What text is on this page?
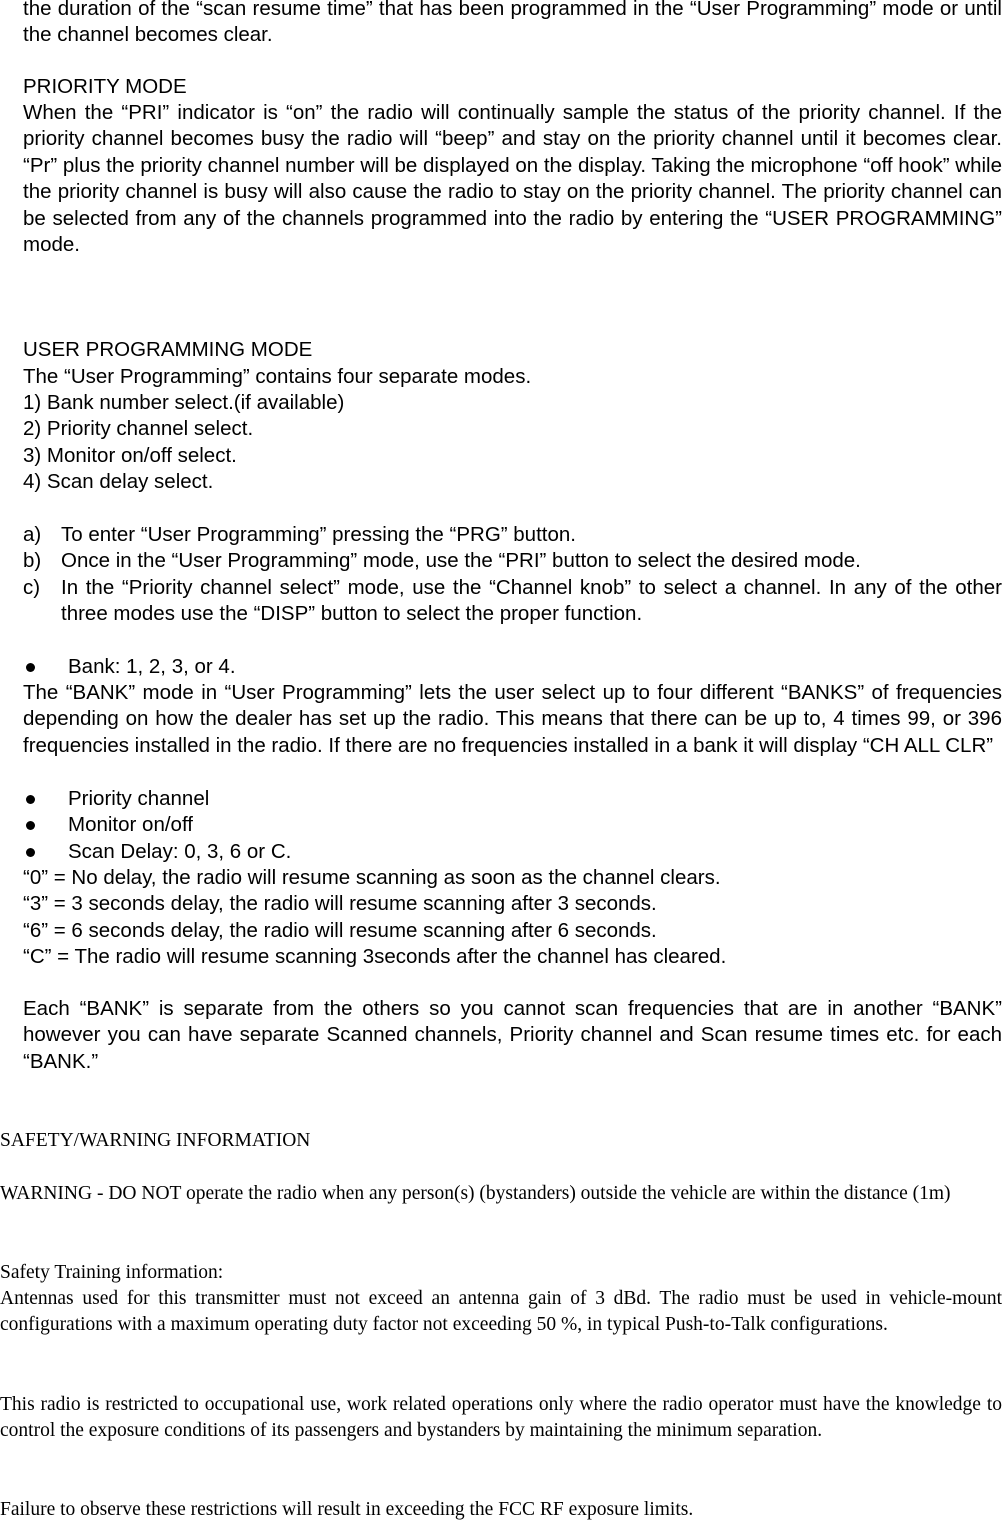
the duration of the “scan resume time” that has been programmed in the “User Programming” mode or until the channel becomes clear.

PRIORITY MODE

When the “PRI” indicator is “on” the radio will continually sample the status of the priority channel. If the priority channel becomes busy the radio will “beep” and stay on the priority channel until it becomes clear. “Pr” plus the priority channel number will be displayed on the display. Taking the microphone “off hook” while the priority channel is busy will also cause the radio to stay on the priority channel. The priority channel can be selected from any of the channels programmed into the radio by entering the “USER PROGRAMMING” mode.

USER PROGRAMMING MODE

The “User Programming” contains four separate modes.

1) Bank number select.(if available)

2) Priority channel select.

3) Monitor on/off select.

4) Scan delay select.

a) To enter “User Programming” pressing the “PRG” button.
b) Once in the “User Programming” mode, use the “PRI” button to select the desired mode.
c) In the “Priority channel select” mode, use the “Channel knob” to select a channel. In any of the other three modes use the “DISP” button to select the proper function.
Bank: 1, 2, 3, or 4.

The “BANK” mode in “User Programming” lets the user select up to four different “BANKS” of frequencies depending on how the dealer has set up the radio. This means that there can be up to, 4 times 99, or 396 frequencies installed in the radio. If there are no frequencies installed in a bank it will display “CH ALL CLR”

Priority channel
Monitor on/off
Scan Delay: 0, 3, 6 or C.

“0” = No delay, the radio will resume scanning as soon as the channel clears.

“3” = 3 seconds delay, the radio will resume scanning after 3 seconds.

“6” = 6 seconds delay, the radio will resume scanning after 6 seconds.

“C” = The radio will resume scanning 3seconds after the channel has cleared.

Each “BANK” is separate from the others so you cannot scan frequencies that are in another “BANK” however you can have separate Scanned channels, Priority channel and Scan resume times etc. for each “BANK.”

SAFETY/WARNING INFORMATION

WARNING - DO NOT operate the radio when any person(s) (bystanders) outside the vehicle are within the distance (1m)

Safety Training information:

Antennas used for this transmitter must not exceed an antenna gain of 3 dBd. The radio must be used in vehicle-mount configurations with a maximum operating duty factor not exceeding 50 %, in typical Push-to-Talk configurations.

This radio is restricted to occupational use, work related operations only where the radio operator must have the knowledge to control the exposure conditions of its passengers and bystanders by maintaining the minimum separation.

Failure to observe these restrictions will result in exceeding the FCC RF exposure limits.
